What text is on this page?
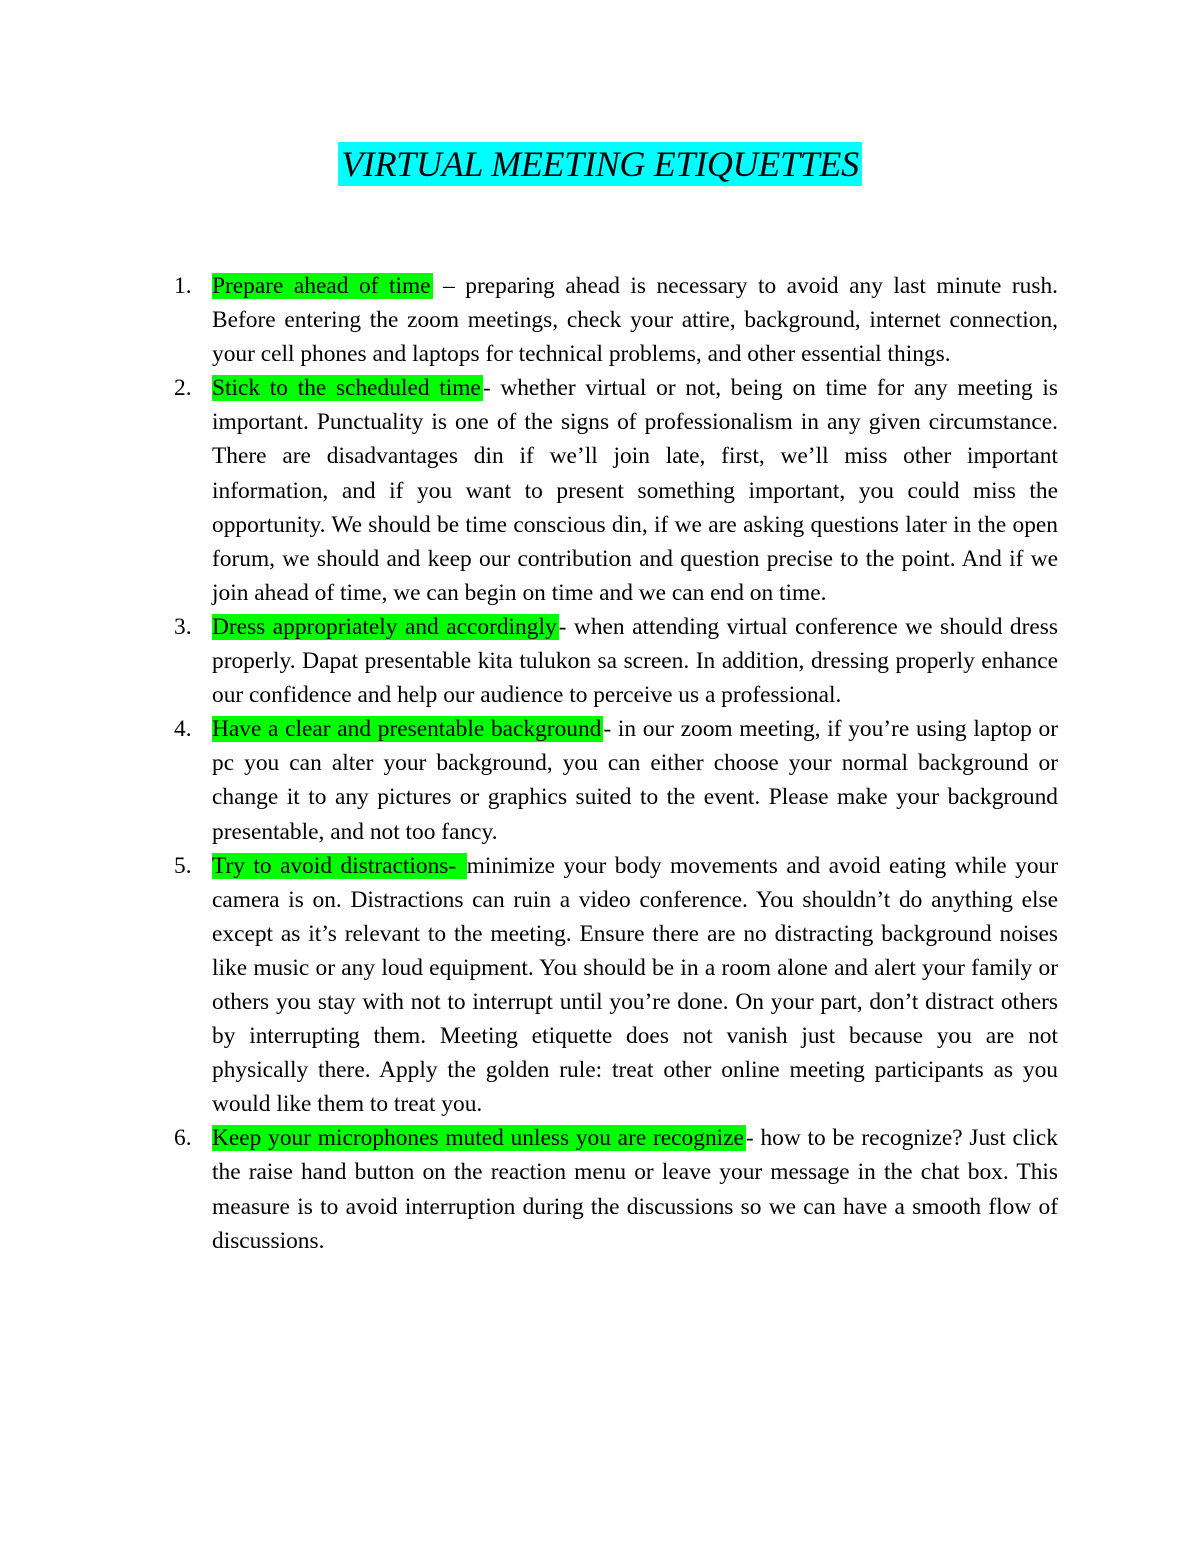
VIRTUAL MEETING ETIQUETTES
1. Prepare ahead of time – preparing ahead is necessary to avoid any last minute rush. Before entering the zoom meetings, check your attire, background, internet connection, your cell phones and laptops for technical problems, and other essential things.
2. Stick to the scheduled time- whether virtual or not, being on time for any meeting is important. Punctuality is one of the signs of professionalism in any given circumstance. There are disadvantages din if we’ll join late, first, we’ll miss other important information, and if you want to present something important, you could miss the opportunity. We should be time conscious din, if we are asking questions later in the open forum, we should and keep our contribution and question precise to the point. And if we join ahead of time, we can begin on time and we can end on time.
3. Dress appropriately and accordingly- when attending virtual conference we should dress properly. Dapat presentable kita tulukon sa screen. In addition, dressing properly enhance our confidence and help our audience to perceive us a professional.
4. Have a clear and presentable background- in our zoom meeting, if you’re using laptop or pc you can alter your background, you can either choose your normal background or change it to any pictures or graphics suited to the event. Please make your background presentable, and not too fancy.
5. Try to avoid distractions- minimize your body movements and avoid eating while your camera is on. Distractions can ruin a video conference. You shouldn’t do anything else except as it’s relevant to the meeting. Ensure there are no distracting background noises like music or any loud equipment. You should be in a room alone and alert your family or others you stay with not to interrupt until you’re done. On your part, don’t distract others by interrupting them. Meeting etiquette does not vanish just because you are not physically there. Apply the golden rule: treat other online meeting participants as you would like them to treat you.
6. Keep your microphones muted unless you are recognize- how to be recognize? Just click the raise hand button on the reaction menu or leave your message in the chat box. This measure is to avoid interruption during the discussions so we can have a smooth flow of discussions.
